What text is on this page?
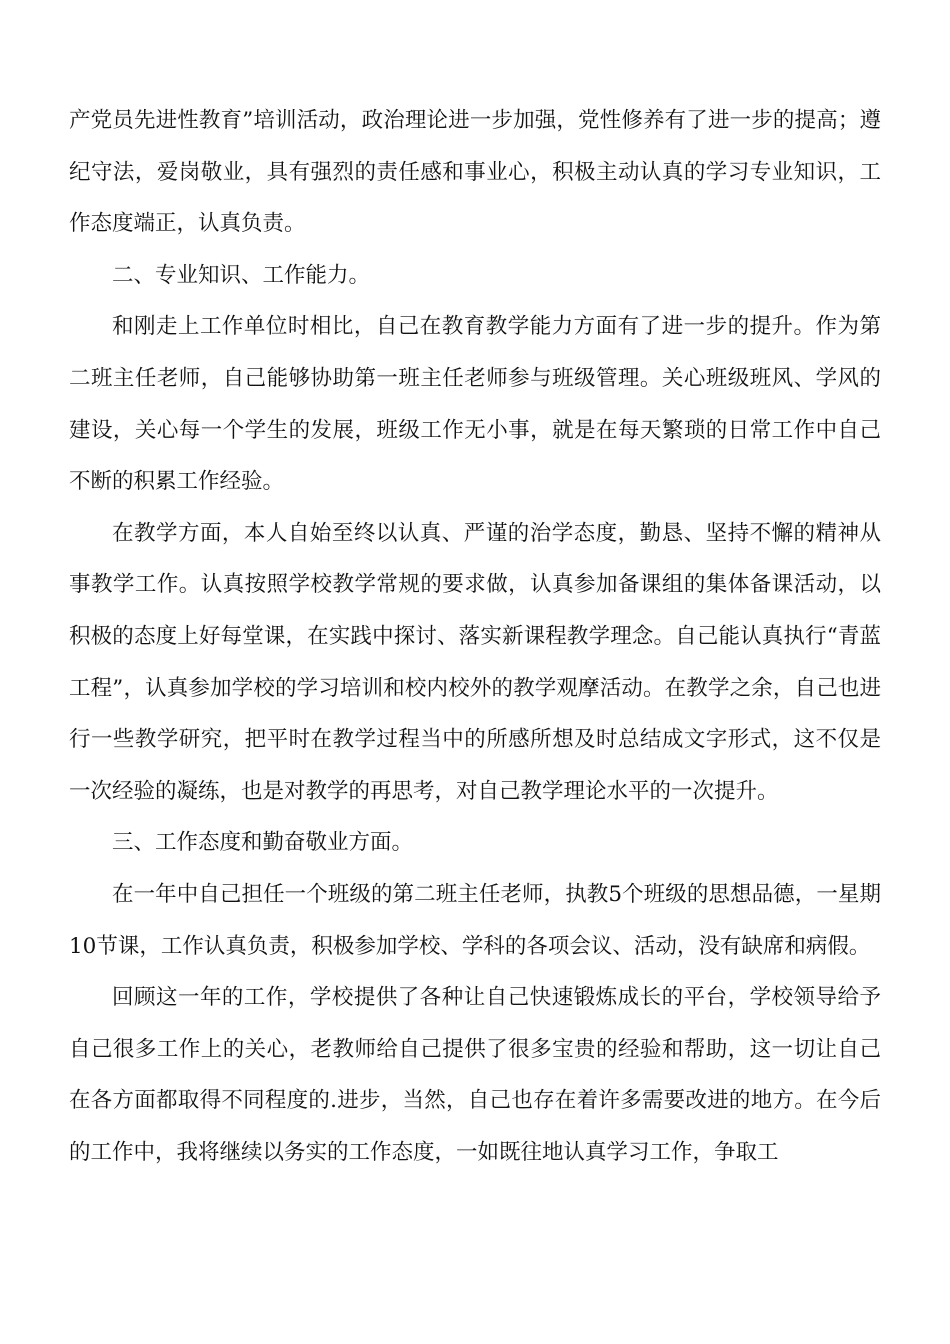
产党员先进性教育”培训活动，政治理论进一步加强，党性修养有了进一步的提高；遵纪守法，爱岗敬业，具有强烈的责任感和事业心，积极主动认真的学习专业知识，工作态度端正，认真负责。

二、专业知识、工作能力。

和刚走上工作单位时相比，自己在教育教学能力方面有了进一步的提升。作为第二班主任老师，自己能够协助第一班主任老师参与班级管理。关心班级班风、学风的建设，关心每一个学生的发展，班级工作无小事，就是在每天繁琐的日常工作中自己不断的积累工作经验。

在教学方面，本人自始至终以认真、严谨的治学态度，勤恳、坚持不懈的精神从事教学工作。认真按照学校教学常规的要求做，认真参加备课组的集体备课活动，以积极的态度上好每堂课，在实践中探讨、落实新课程教学理念。自己能认真执行“青蓝工程”，认真参加学校的学习培训和校内校外的教学观摩活动。在教学之余，自己也进行一些教学研究，把平时在教学过程当中的所感所想及时总结成文字形式，这不仅是一次经验的凝练，也是对教学的再思考，对自己教学理论水平的一次提升。

三、工作态度和勤奋敬业方面。

在一年中自己担任一个班级的第二班主任老师，执教5个班级的思想品德，一星期10节课，工作认真负责，积极参加学校、学科的各项会议、活动，没有缺席和病假。

回顾这一年的工作，学校提供了各种让自己快速锻炼成长的平台，学校领导给予自己很多工作上的关心，老教师给自己提供了很多宝贵的经验和帮助，这一切让自己在各方面都取得不同程度的.进步，当然，自己也存在着许多需要改进的地方。在今后的工作中，我将继续以务实的工作态度，一如既往地认真学习工作，争取工
